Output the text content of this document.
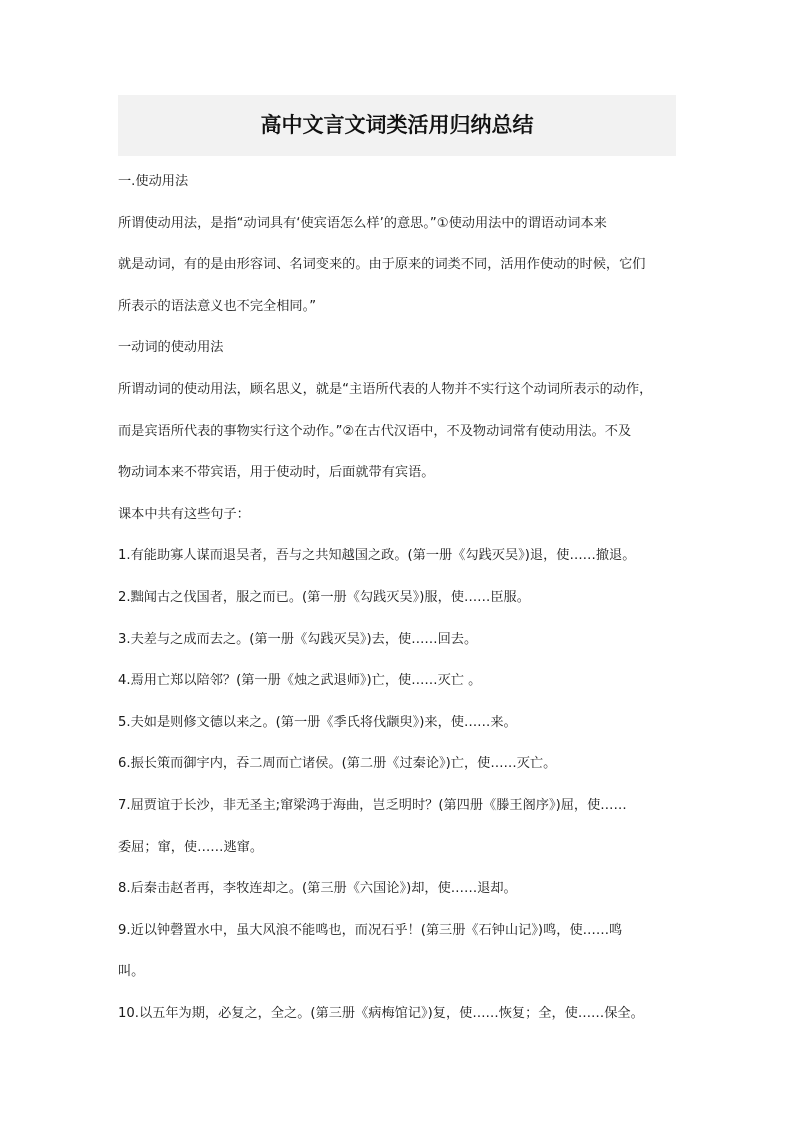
高中文言文词类活用归纳总结

一.使动用法

所谓使动用法，是指“动词具有‘使宾语怎么样’的意思。”①使动用法中的谓语动词本来

就是动词，有的是由形容词、名词变来的。由于原来的词类不同，活用作使动的时候，它们

所表示的语法意义也不完全相同。”

一动词的使动用法

所谓动词的使动用法，顾名思义，就是“主语所代表的人物并不实行这个动词所表示的动作，

而是宾语所代表的事物实行这个动作。”②在古代汉语中，不及物动词常有使动用法。不及

物动词本来不带宾语，用于使动时，后面就带有宾语。

课本中共有这些句子：

1.有能助寡人谋而退吴者，吾与之共知越国之政。(第一册《勾践灭吴》)退，使……撤退。

2.黜闻古之伐国者，服之而已。(第一册《勾践灭吴》)服，使……臣服。

3.夫差与之成而去之。(第一册《勾践灭吴》)去，使……回去。

4.焉用亡郑以陪邻？(第一册《烛之武退师》)亡，使……灭亡 。

5.夫如是则修文德以来之。(第一册《季氏将伐颛臾》)来，使……来。

6.振长策而御宇内，吞二周而亡诸侯。(第二册《过秦论》)亡，使……灭亡。

7.屈贾谊于长沙，非无圣主;窜梁鸿于海曲，岂乏明时？(第四册《滕王阁序》)屈，使……

委屈；窜，使……逃窜。

8.后秦击赵者再，李牧连却之。(第三册《六国论》)却，使……退却。

9.近以钟磬置水中，虽大风浪不能鸣也，而况石乎！(第三册《石钟山记》)鸣，使……鸣

叫。

10.以五年为期，必复之，全之。(第三册《病梅馆记》)复，使……恢复；全，使……保全。
